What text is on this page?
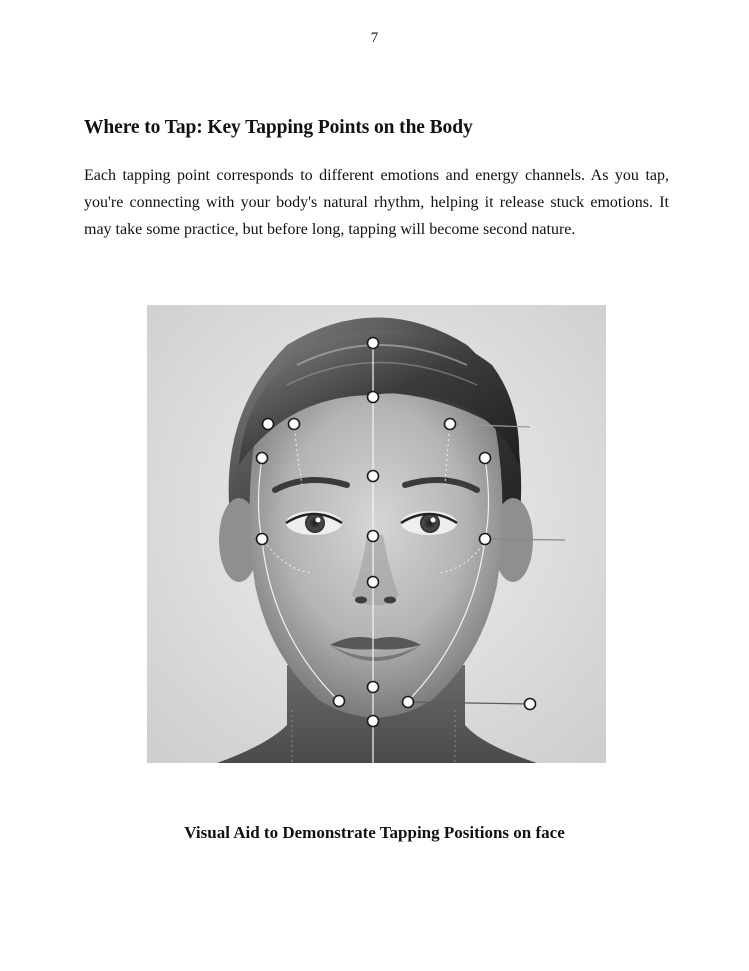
7
Where to Tap: Key Tapping Points on the Body

Each tapping point corresponds to different emotions and energy channels. As you tap, you're connecting with your body's natural rhythm, helping it release stuck emotions. It may take some practice, but before long, tapping will become second nature.

Visual Aid to Demonstrate Tapping Positions on face
